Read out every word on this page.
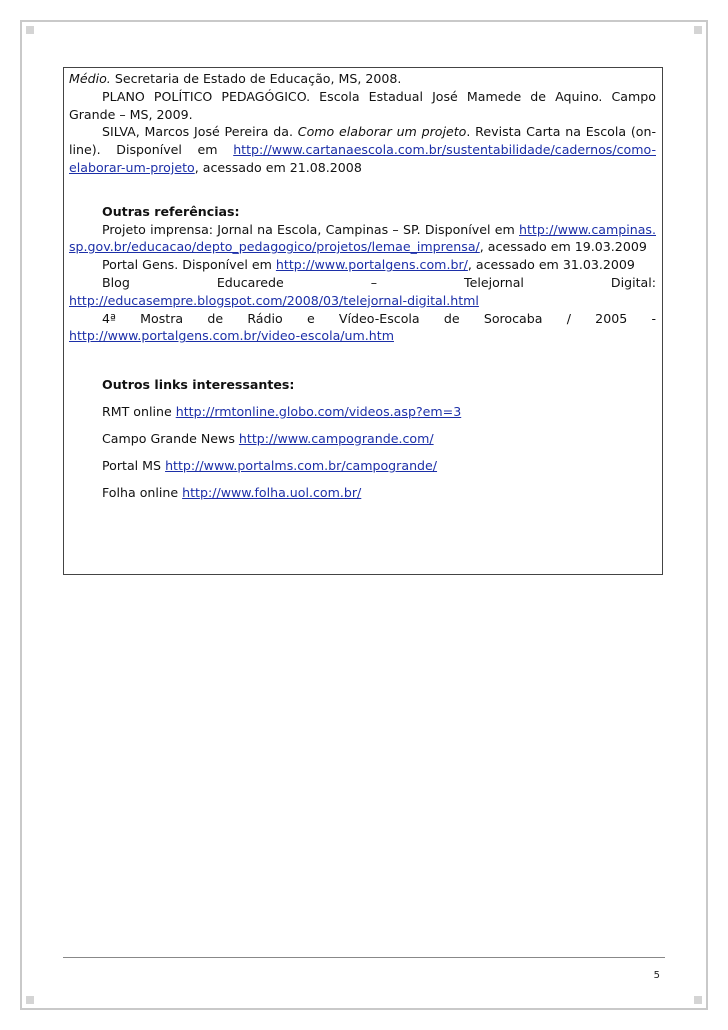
Médio. Secretaria de Estado de Educação, MS, 2008.

PLANO POLÍTICO PEDAGÓGICO. Escola Estadual José Mamede de Aquino. Campo Grande – MS, 2009.

SILVA, Marcos José Pereira da. Como elaborar um projeto. Revista Carta na Escola (on-line). Disponível em http://www.cartanaescola.com.br/sustentabilidade/cadernos/como-elaborar-um-projeto, acessado em 21.08.2008

Outras referências:

Projeto imprensa: Jornal na Escola, Campinas – SP. Disponível em http://www.campinas.sp.gov.br/educacao/depto_pedagogico/projetos/lemae_imprensa/, acessado em 19.03.2009

Portal Gens. Disponível em http://www.portalgens.com.br/, acessado em 31.03.2009

Blog Educarede – Telejornal Digital: http://educasempre.blogspot.com/2008/03/telejornal-digital.html

4ª Mostra de Rádio e Vídeo-Escola de Sorocaba / 2005 - http://www.portalgens.com.br/video-escola/um.htm

Outros links interessantes:

RMT online http://rmtonline.globo.com/videos.asp?em=3

Campo Grande News http://www.campogrande.com/

Portal MS http://www.portalms.com.br/campogrande/

Folha online http://www.folha.uol.com.br/

5
